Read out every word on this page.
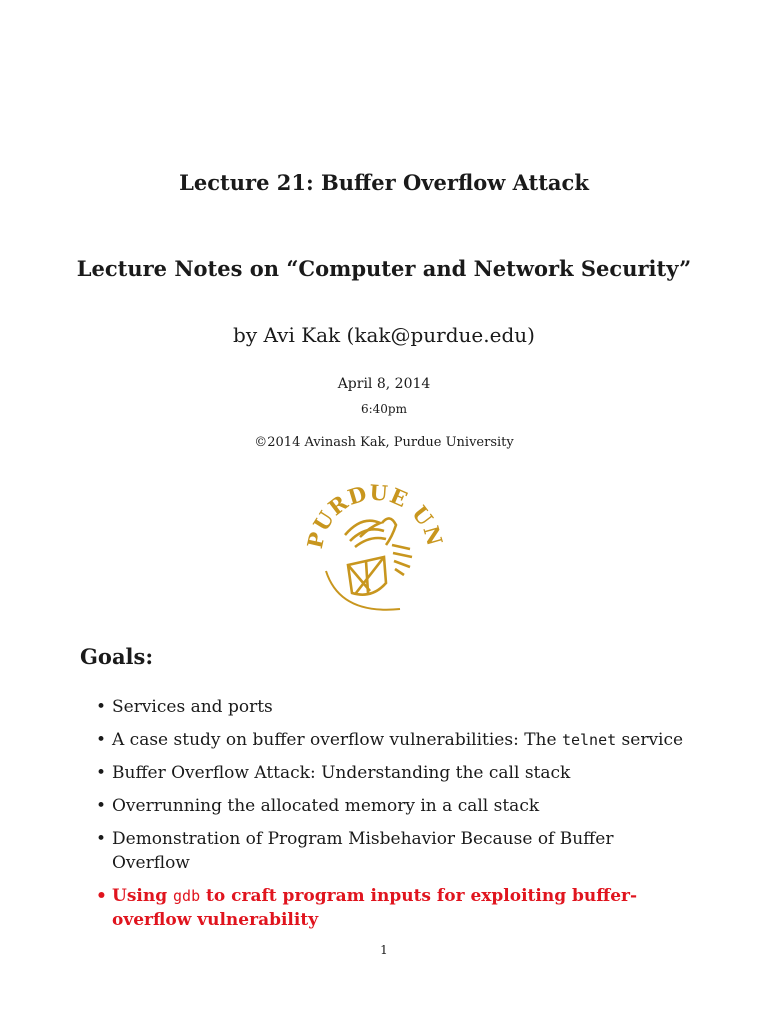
Lecture 21: Buffer Overflow Attack
Lecture Notes on “Computer and Network Security”
by Avi Kak (kak@purdue.edu)
April 8, 2014
6:40pm
©2014 Avinash Kak, Purdue University
PURDUE UN
Goals:
• Services and ports
• A case study on buffer overflow vulnerabilities: The telnet service
• Buffer Overflow Attack: Understanding the call stack
• Overrunning the allocated memory in a call stack
• Demonstration of Program Misbehavior Because of Buffer Overflow
• Using gdb to craft program inputs for exploiting buffer-overflow vulnerability
1
